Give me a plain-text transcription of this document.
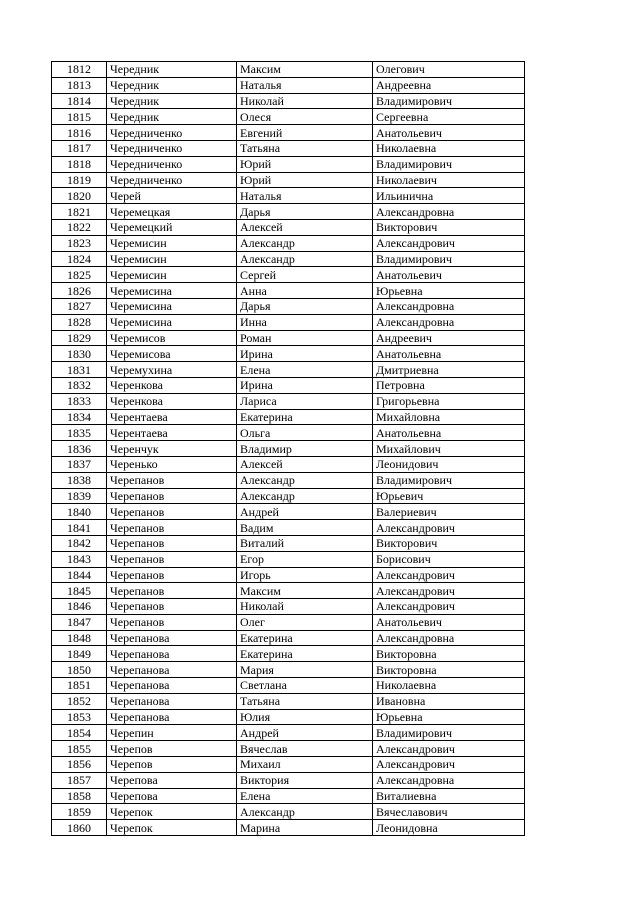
1812	Чередник	Максим	Олегович
1813	Чередник	Наталья	Андреевна
1814	Чередник	Николай	Владимирович
1815	Чередник	Олеся	Сергеевна
1816	Чередниченко	Евгений	Анатольевич
1817	Чередниченко	Татьяна	Николаевна
1818	Чередниченко	Юрий	Владимирович
1819	Чередниченко	Юрий	Николаевич
1820	Черей	Наталья	Ильинична
1821	Черемецкая	Дарья	Александровна
1822	Черемецкий	Алексей	Викторович
1823	Черемисин	Александр	Александрович
1824	Черемисин	Александр	Владимирович
1825	Черемисин	Сергей	Анатольевич
1826	Черемисина	Анна	Юрьевна
1827	Черемисина	Дарья	Александровна
1828	Черемисина	Инна	Александровна
1829	Черемисов	Роман	Андреевич
1830	Черемисова	Ирина	Анатольевна
1831	Черемухина	Елена	Дмитриевна
1832	Черенкова	Ирина	Петровна
1833	Черенкова	Лариса	Григорьевна
1834	Черентаева	Екатерина	Михайловна
1835	Черентаева	Ольга	Анатольевна
1836	Черенчук	Владимир	Михайлович
1837	Черенько	Алексей	Леонидович
1838	Черепанов	Александр	Владимирович
1839	Черепанов	Александр	Юрьевич
1840	Черепанов	Андрей	Валериевич
1841	Черепанов	Вадим	Александрович
1842	Черепанов	Виталий	Викторович
1843	Черепанов	Егор	Борисович
1844	Черепанов	Игорь	Александрович
1845	Черепанов	Максим	Александрович
1846	Черепанов	Николай	Александрович
1847	Черепанов	Олег	Анатольевич
1848	Черепанова	Екатерина	Александровна
1849	Черепанова	Екатерина	Викторовна
1850	Черепанова	Мария	Викторовна
1851	Черепанова	Светлана	Николаевна
1852	Черепанова	Татьяна	Ивановна
1853	Черепанова	Юлия	Юрьевна
1854	Черепин	Андрей	Владимирович
1855	Черепов	Вячеслав	Александрович
1856	Черепов	Михаил	Александрович
1857	Черепова	Виктория	Александровна
1858	Черепова	Елена	Виталиевна
1859	Черепок	Александр	Вячеславович
1860	Черепок	Марина	Леонидовна
